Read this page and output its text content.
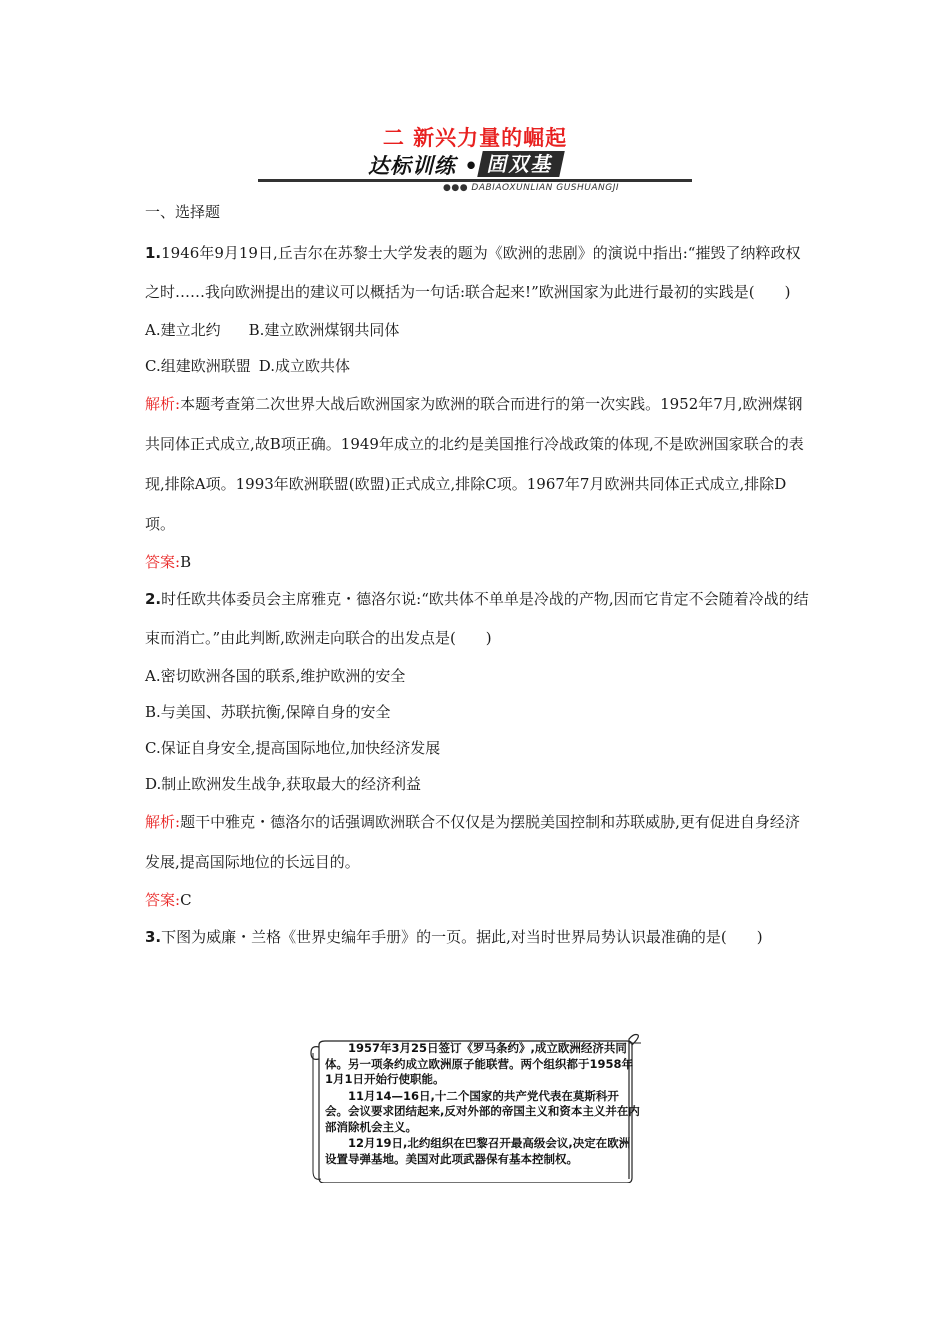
二 新兴力量的崛起
达标训练 • 固双基
●●● DABIAOXUNLIAN GUSHUANGJI

一、选择题

1.1946年9月19日,丘吉尔在苏黎士大学发表的题为《欧洲的悲剧》的演说中指出:“摧毁了纳粹政权之时……我向欧洲提出的建议可以概括为一句话:联合起来!”欧洲国家为此进行最初的实践是(　　)

A.建立北约 B.建立欧洲煤钢共同体

C.组建欧洲联盟 D.成立欧共体

解析:本题考查第二次世界大战后欧洲国家为欧洲的联合而进行的第一次实践。1952年7月,欧洲煤钢共同体正式成立,故B项正确。1949年成立的北约是美国推行冷战政策的体现,不是欧洲国家联合的表现,排除A项。1993年欧洲联盟(欧盟)正式成立,排除C项。1967年7月欧洲共同体正式成立,排除D项。

答案:B

2.时任欧共体委员会主席雅克・德洛尔说:“欧共体不单单是冷战的产物,因而它肯定不会随着冷战的结束而消亡。”由此判断,欧洲走向联合的出发点是(　　)

A.密切欧洲各国的联系,维护欧洲的安全

B.与美国、苏联抗衡,保障自身的安全

C.保证自身安全,提高国际地位,加快经济发展

D.制止欧洲发生战争,获取最大的经济利益

解析:题干中雅克・德洛尔的话强调欧洲联合不仅仅是为摆脱美国控制和苏联威胁,更有促进自身经济发展,提高国际地位的长远目的。

答案:C

3.下图为威廉・兰格《世界史编年手册》的一页。据此,对当时世界局势认识最准确的是(　　)

1957年3月25日签订《罗马条约》,成立欧洲经济共同体。另一项条约成立欧洲原子能联营。两个组织都于1958年1月1日开始行使职能。

11月14—16日,十二个国家的共产党代表在莫斯科开会。会议要求团结起来,反对外部的帝国主义和资本主义并在内部消除机会主义。

12月19日,北约组织在巴黎召开最高级会议,决定在欧洲设置导弹基地。美国对此项武器保有基本控制权。
